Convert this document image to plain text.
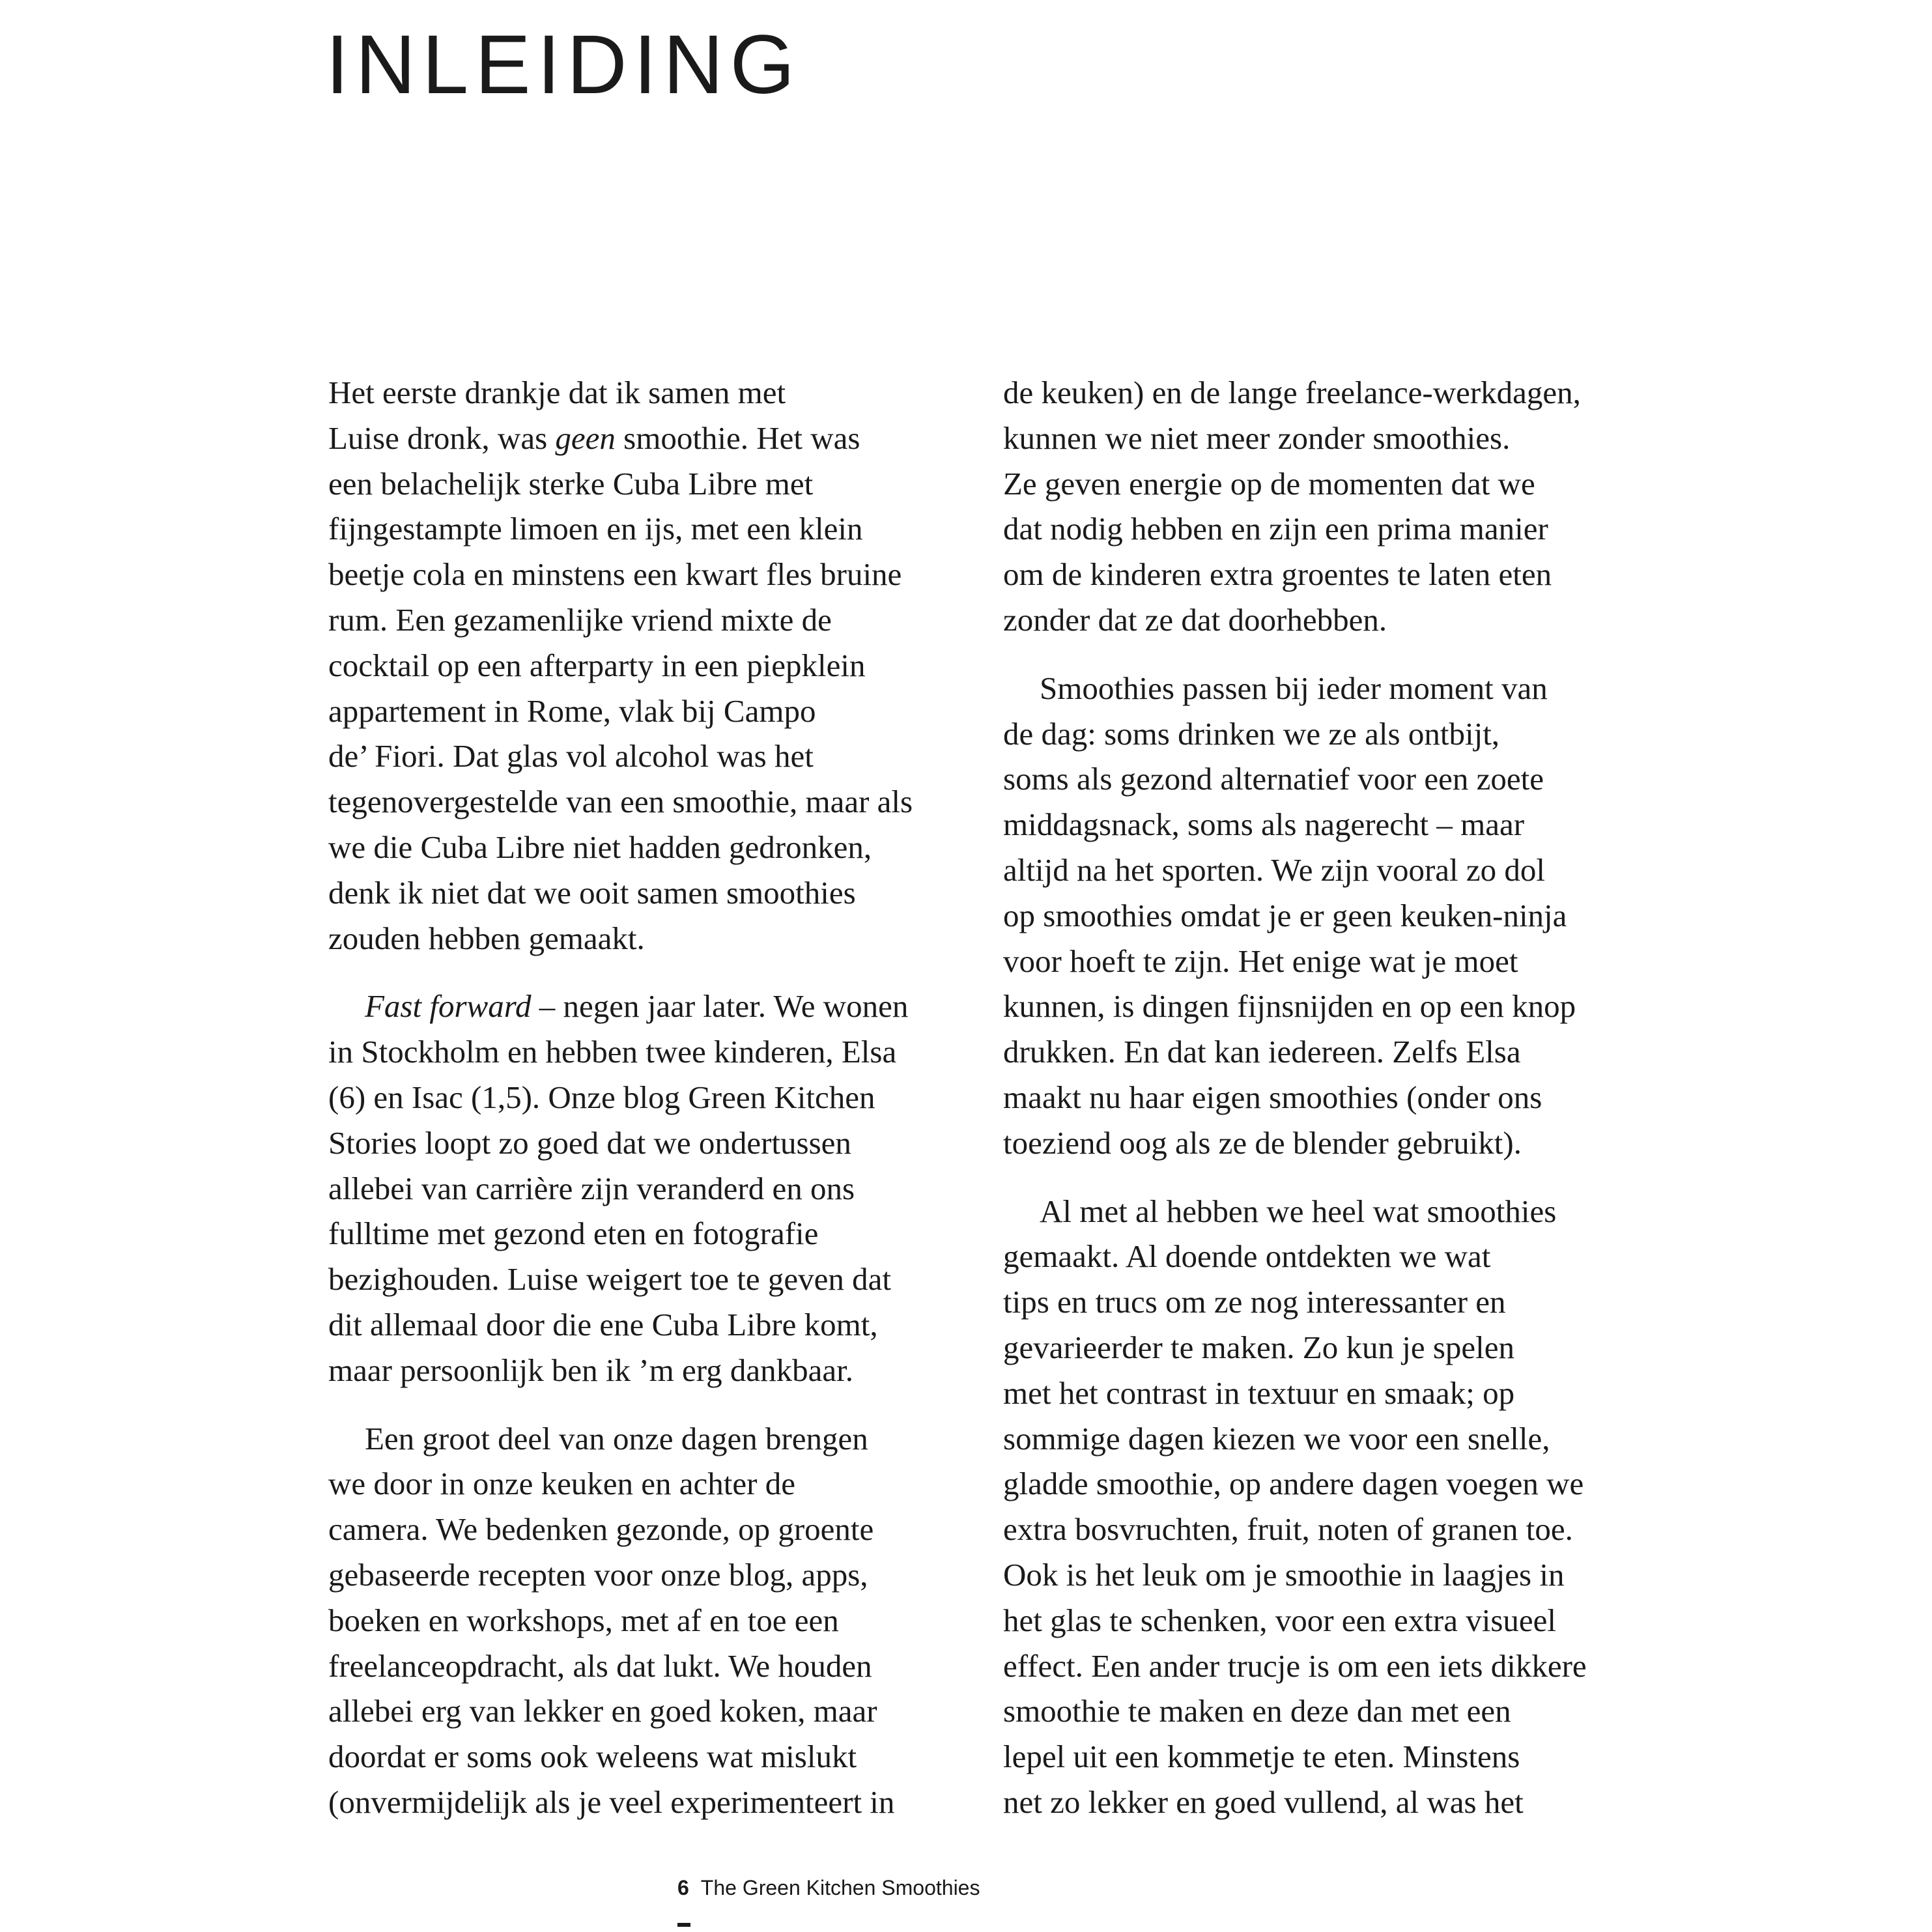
INLEIDING
Het eerste drankje dat ik samen met
Luise dronk, was geen smoothie. Het was
een belachelijk sterke Cuba Libre met
fijngestampte limoen en ijs, met een klein
beetje cola en minstens een kwart fles bruine
rum. Een gezamenlijke vriend mixte de
cocktail op een afterparty in een piepklein
appartement in Rome, vlak bij Campo
de’ Fiori. Dat glas vol alcohol was het
tegenovergestelde van een smoothie, maar als
we die Cuba Libre niet hadden gedronken,
denk ik niet dat we ooit samen smoothies
zouden hebben gemaakt.
Fast forward – negen jaar later. We wonen
in Stockholm en hebben twee kinderen, Elsa
(6) en Isac (1,5). Onze blog Green Kitchen
Stories loopt zo goed dat we ondertussen
allebei van carrière zijn veranderd en ons
fulltime met gezond eten en fotografie
bezighouden. Luise weigert toe te geven dat
dit allemaal door die ene Cuba Libre komt,
maar persoonlijk ben ik ’m erg dankbaar.
Een groot deel van onze dagen brengen
we door in onze keuken en achter de
camera. We bedenken gezonde, op groente
gebaseerde recepten voor onze blog, apps,
boeken en workshops, met af en toe een
freelanceopdracht, als dat lukt. We houden
allebei erg van lekker en goed koken, maar
doordat er soms ook weleens wat mislukt
(onvermijdelijk als je veel experimenteert in
de keuken) en de lange freelance-werkdagen,
kunnen we niet meer zonder smoothies.
Ze geven energie op de momenten dat we
dat nodig hebben en zijn een prima manier
om de kinderen extra groentes te laten eten
zonder dat ze dat doorhebben.
Smoothies passen bij ieder moment van
de dag: soms drinken we ze als ontbijt,
soms als gezond alternatief voor een zoete
middagsnack, soms als nagerecht – maar
altijd na het sporten. We zijn vooral zo dol
op smoothies omdat je er geen keuken-ninja
voor hoeft te zijn. Het enige wat je moet
kunnen, is dingen fijnsnijden en op een knop
drukken. En dat kan iedereen. Zelfs Elsa
maakt nu haar eigen smoothies (onder ons
toeziend oog als ze de blender gebruikt).
Al met al hebben we heel wat smoothies
gemaakt. Al doende ontdekten we wat
tips en trucs om ze nog interessanter en
gevarieerder te maken. Zo kun je spelen
met het contrast in textuur en smaak; op
sommige dagen kiezen we voor een snelle,
gladde smoothie, op andere dagen voegen we
extra bosvruchten, fruit, noten of granen toe.
Ook is het leuk om je smoothie in laagjes in
het glas te schenken, voor een extra visueel
effect. Een ander trucje is om een iets dikkere
smoothie te maken en deze dan met een
lepel uit een kommetje te eten. Minstens
net zo lekker en goed vullend, al was het
6 The Green Kitchen Smoothies
